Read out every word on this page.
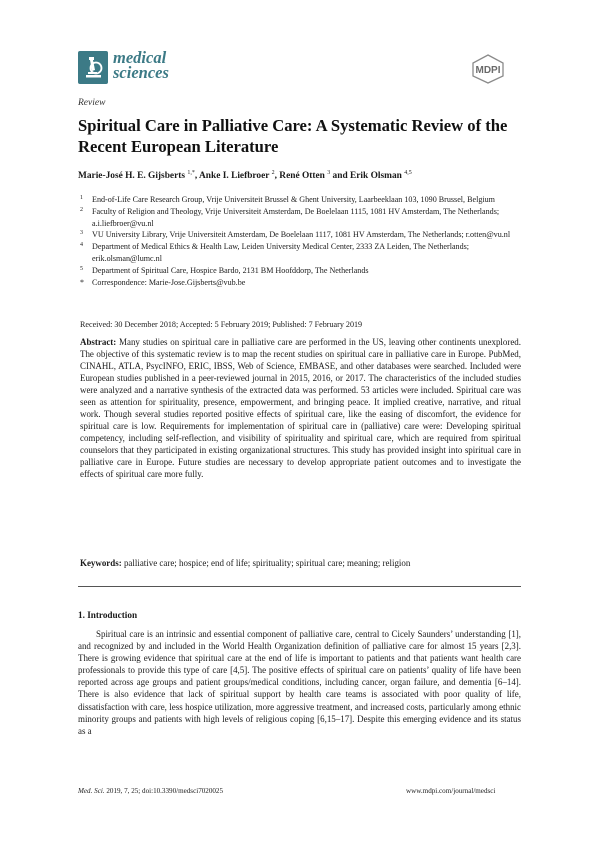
medical
sciences	MDPI
Review
Spiritual Care in Palliative Care: A Systematic Review of the Recent European Literature
Marie-José H. E. Gijsberts $^{1,*}$, Anke I. Liefbroer $^2$, René Otten $^3$ and Erik Olsman $^{4,5}$
1 End-of-Life Care Research Group, Vrije Universiteit Brussel & Ghent University, Laarbeeklaan 103, 1090 Brussel, Belgium
2 Faculty of Religion and Theology, Vrije Universiteit Amsterdam, De Boelelaan 1115, 1081 HV Amsterdam, The Netherlands; a.i.liefbroer@vu.nl
3 VU University Library, Vrije Universiteit Amsterdam, De Boelelaan 1117, 1081 HV Amsterdam, The Netherlands; r.otten@vu.nl
4 Department of Medical Ethics & Health Law, Leiden University Medical Center, 2333 ZA Leiden, The Netherlands; erik.olsman@lumc.nl
5 Department of Spiritual Care, Hospice Bardo, 2131 BM Hoofddorp, The Netherlands
* Correspondence: Marie-Jose.Gijsberts@vub.be
Received: 30 December 2018; Accepted: 5 February 2019; Published: 7 February 2019
Abstract: Many studies on spiritual care in palliative care are performed in the US, leaving other continents unexplored. The objective of this systematic review is to map the recent studies on spiritual care in palliative care in Europe. PubMed, CINAHL, ATLA, PsycINFO, ERIC, IBSS, Web of Science, EMBASE, and other databases were searched. Included were European studies published in a peer-reviewed journal in 2015, 2016, or 2017. The characteristics of the included studies were analyzed and a narrative synthesis of the extracted data was performed. 53 articles were included. Spiritual care was seen as attention for spirituality, presence, empowerment, and bringing peace. It implied creative, narrative, and ritual work. Though several studies reported positive effects of spiritual care, like the easing of discomfort, the evidence for spiritual care is low. Requirements for implementation of spiritual care in (palliative) care were: Developing spiritual competency, including self-reflection, and visibility of spirituality and spiritual care, which are required from spiritual counselors that they participated in existing organizational structures. This study has provided insight into spiritual care in palliative care in Europe. Future studies are necessary to develop appropriate patient outcomes and to investigate the effects of spiritual care more fully.
Keywords: palliative care; hospice; end of life; spirituality; spiritual care; meaning; religion
1. Introduction
Spiritual care is an intrinsic and essential component of palliative care, central to Cicely Saunders’ understanding [1], and recognized by and included in the World Health Organization definition of palliative care for almost 15 years [2,3]. There is growing evidence that spiritual care at the end of life is important to patients and that patients want health care professionals to provide this type of care [4,5]. The positive effects of spiritual care on patients’ quality of life have been reported across age groups and patient groups/medical conditions, including cancer, organ failure, and dementia [6–14]. There is also evidence that lack of spiritual support by health care teams is associated with poor quality of life, dissatisfaction with care, less hospice utilization, more aggressive treatment, and increased costs, particularly among ethnic minority groups and patients with high levels of religious coping [6,15–17]. Despite this emerging evidence and its status as a
Med. Sci. 2019, 7, 25; doi:10.3390/medsci7020025	www.mdpi.com/journal/medsci
